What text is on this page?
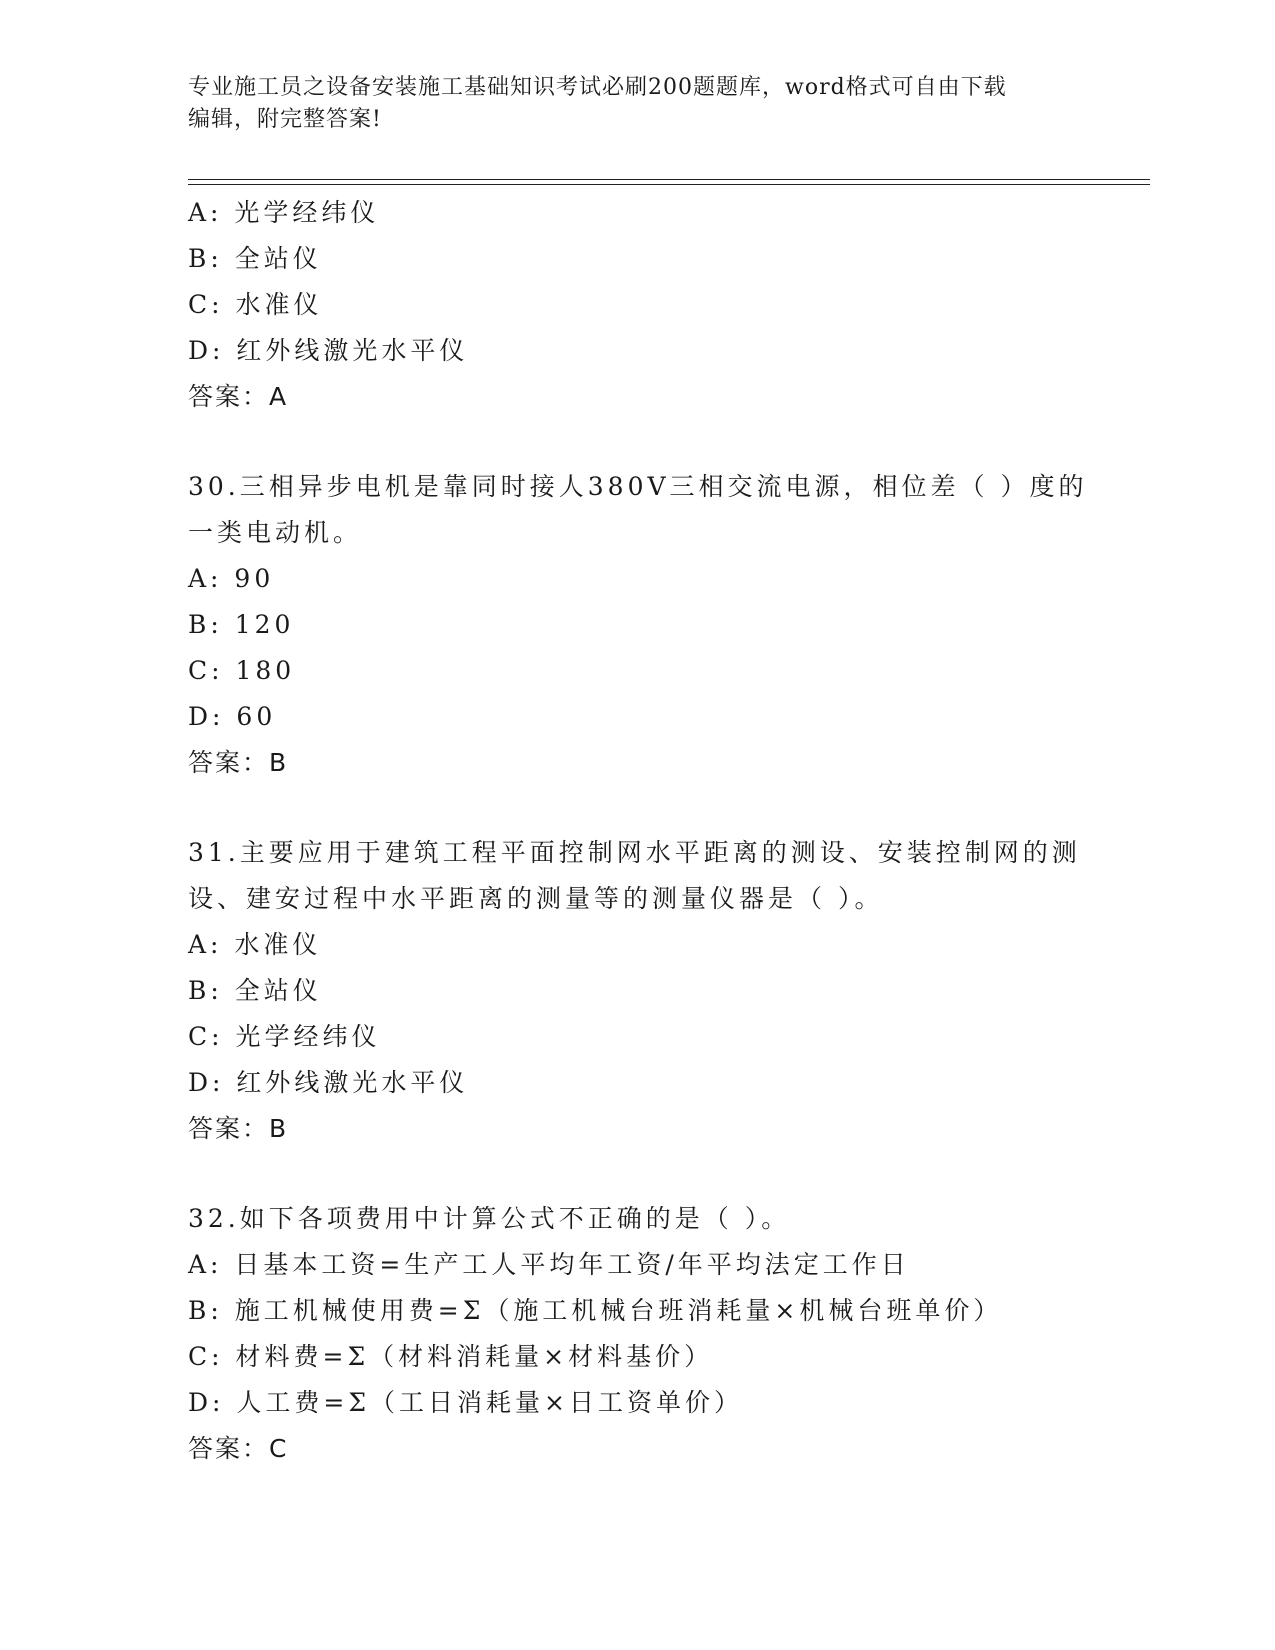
专业施工员之设备安装施工基础知识考试必刷200题题库，word格式可自由下载
编辑，附完整答案!
A: 光学经纬仪
B: 全站仪
C: 水准仪
D: 红外线激光水平仪
答案：A
30.三相异步电机是靠同时接人380V三相交流电源，相位差（ ）度的
一类电动机。
A: 90
B: 120
C: 180
D: 60
答案：B
31.主要应用于建筑工程平面控制网水平距离的测设、安装控制网的测
设、建安过程中水平距离的测量等的测量仪器是（ ）。
A: 水准仪
B: 全站仪
C: 光学经纬仪
D: 红外线激光水平仪
答案：B
32.如下各项费用中计算公式不正确的是（ ）。
A: 日基本工资=生产工人平均年工资/年平均法定工作日
B: 施工机械使用费=Σ（施工机械台班消耗量×机械台班单价）
C: 材料费=Σ（材料消耗量×材料基价）
D: 人工费=Σ（工日消耗量×日工资单价）
答案：C
